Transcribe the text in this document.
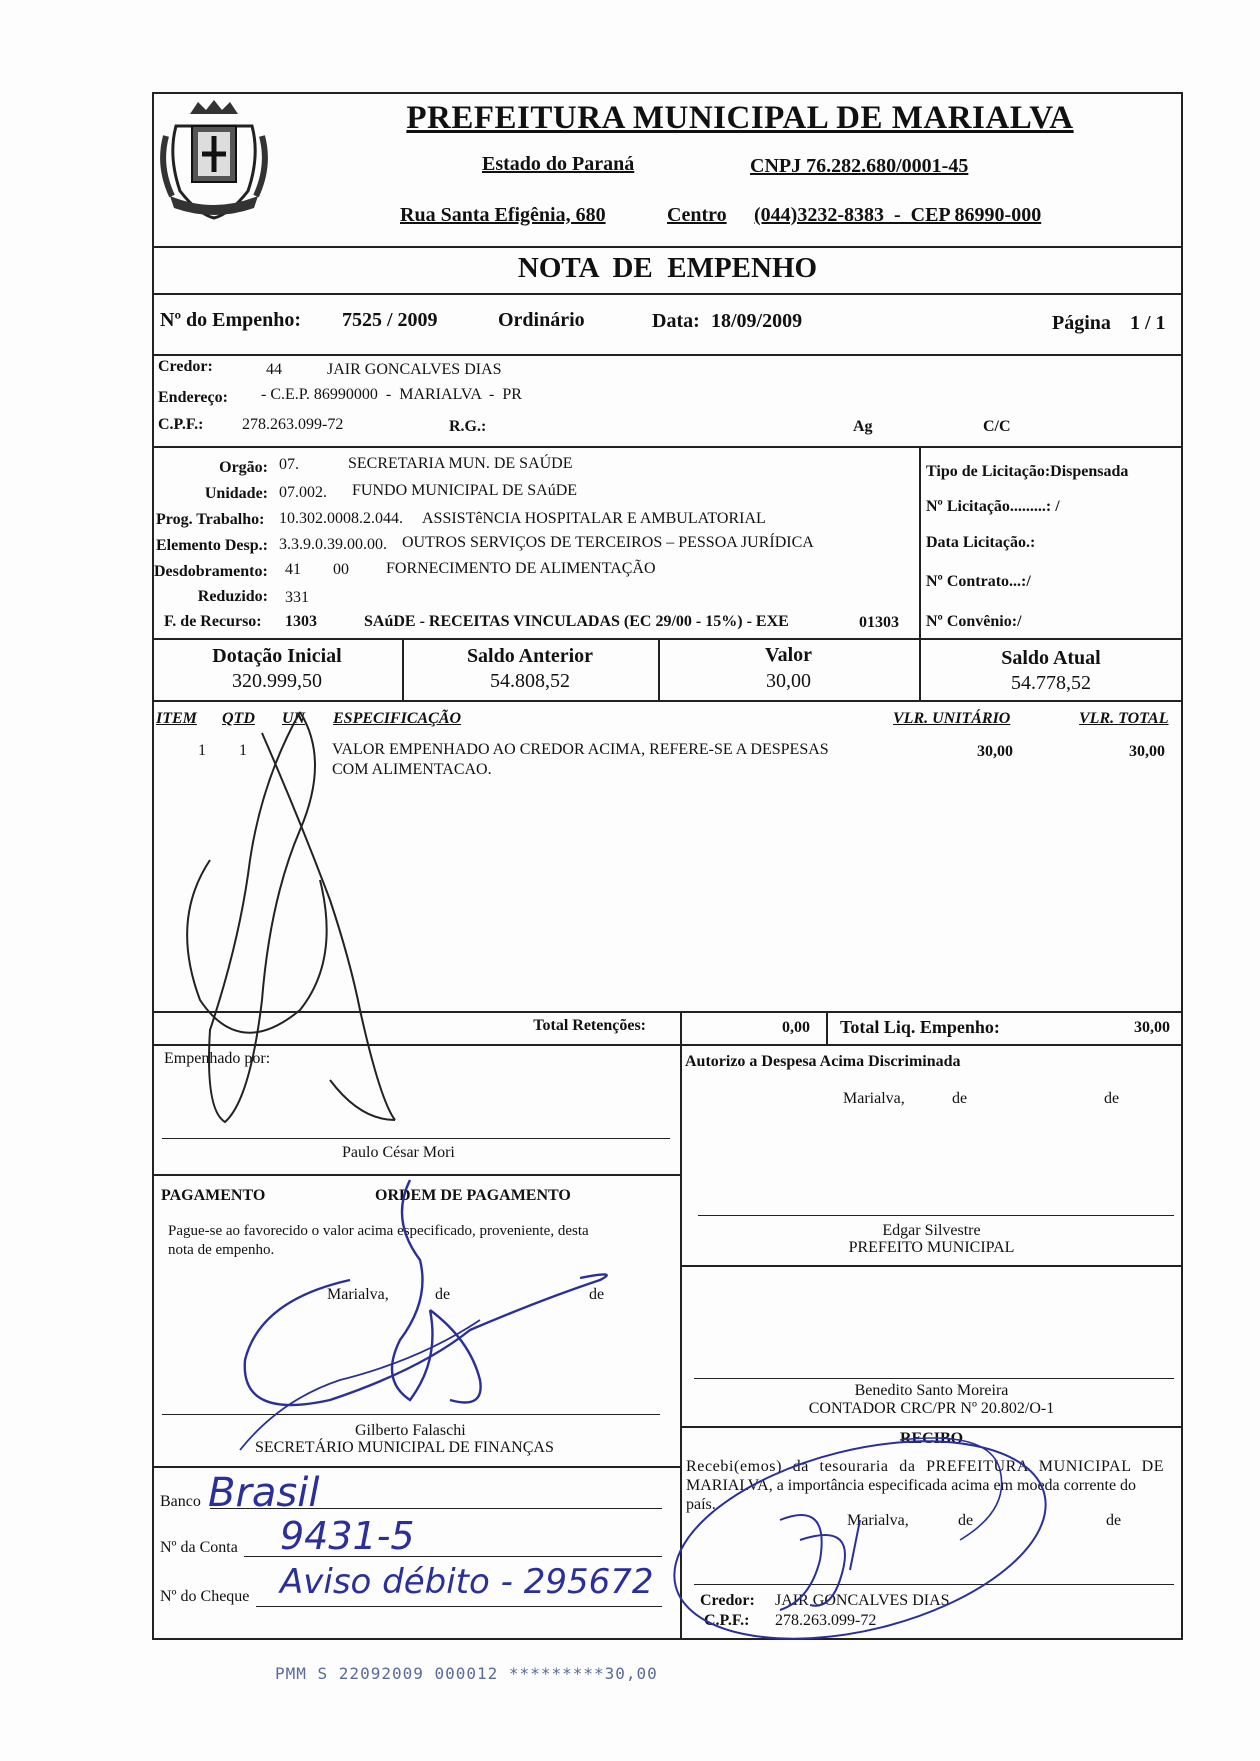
PREFEITURA MUNICIPAL DE MARIALVA
Estado do Paraná	CNPJ 76.282.680/0001-45
Rua Santa Efigênia, 680	Centro (044)3232-8383  -  CEP 86990-000
NOTA  DE  EMPENHO
Nº do Empenho: 7525 / 2009	Ordinário	Data: 18/09/2009	Página 1 / 1
Credor:	44	JAIR GONCALVES DIAS
Endereço: - C.E.P. 86990000  -  MARIALVA  -  PR
C.P.F.: 278.263.099-72	R.G.:	Ag	C/C
Orgão: 07.	SECRETARIA MUN. DE SAÚDE
Unidade: 07.002. FUNDO MUNICIPAL DE SAúDE
Prog. Trabalho: 10.302.0008.2.044. ASSISTêNCIA HOSPITALAR E AMBULATORIAL
Elemento Desp.: 3.3.9.0.39.00.00. OUTROS SERVIÇOS DE TERCEIROS – PESSOA JURÍDICA
Desdobramento: 41 00 FORNECIMENTO DE ALIMENTAÇÃO
Reduzido: 331
F. de Recurso: 1303	SAúDE - RECEITAS VINCULADAS (EC 29/00 - 15%) - EXE	01303
Tipo de Licitação:Dispensada
Nº Licitação.........: /
Data Licitação.:
Nº Contrato...:/
Nº Convênio:/
Dotação Inicial
320.999,50
Saldo Anterior
54.808,52
Valor
30,00
Saldo Atual
54.778,52
ITEM QTD UN ESPECIFICAÇÃO	VLR. UNITÁRIO	VLR. TOTAL
1 1	VALOR EMPENHADO AO CREDOR ACIMA, REFERE-SE A DESPESAS
COM ALIMENTACAO.
30,00	30,00
Total Retenções:	0,00 Total Liq. Empenho:	30,00
Empenhado por:
Paulo César Mori
PAGAMENTO	ORDEM DE PAGAMENTO
Pague-se ao favorecido o valor acima especificado, proveniente, desta
nota de empenho.
Marialva,	de	de
Gilberto Falaschi
SECRETÁRIO MUNICIPAL DE FINANÇAS
Banco Brasil
Nº da Conta 9431-5
Nº do Cheque Aviso débito - 295672
Autorizo a Despesa Acima Discriminada
Marialva,	de	de
Edgar Silvestre
PREFEITO MUNICIPAL
Benedito Santo Moreira
CONTADOR CRC/PR Nº 20.802/O-1
RECIBO
Recebi(emos) da tesouraria da PREFEITURA MUNICIPAL DE
MARIALVA, a importância especificada acima em moeda corrente do
país.
Marialva,	de	de
Credor: JAIR GONCALVES DIAS
C.P.F.: 278.263.099-72
PMM S 22092009 000012 *********30,00
